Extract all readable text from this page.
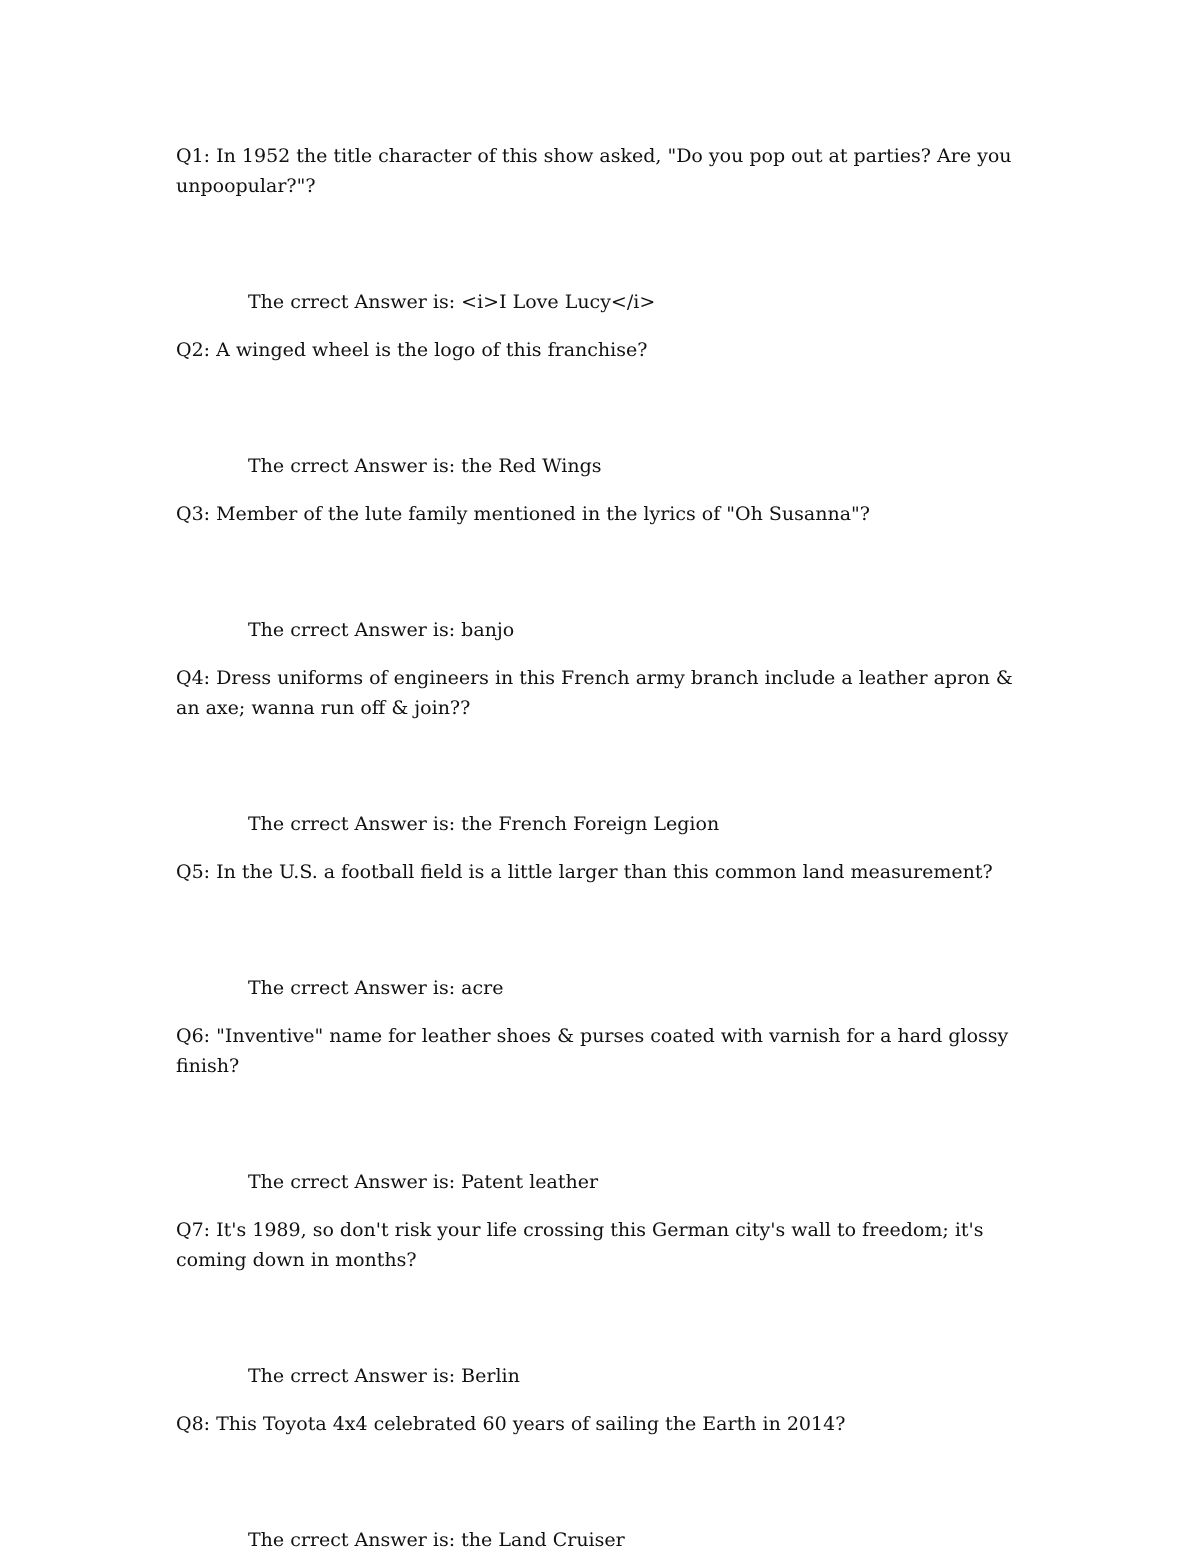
Q1: In 1952 the title character of this show asked, "Do you pop out at parties? Are you unpoopular?"?

The crrect Answer is: <i>I Love Lucy</i>

Q2: A winged wheel is the logo of this franchise?

The crrect Answer is: the Red Wings

Q3: Member of the lute family mentioned in the lyrics of "Oh Susanna"?

The crrect Answer is: banjo

Q4: Dress uniforms of engineers in this French army branch include a leather apron & an axe; wanna run off & join??

The crrect Answer is: the French Foreign Legion

Q5: In the U.S. a football field is a little larger than this common land measurement?

The crrect Answer is: acre

Q6: "Inventive" name for leather shoes & purses coated with varnish for a hard glossy finish?

The crrect Answer is: Patent leather

Q7: It's 1989, so don't risk your life crossing this German city's wall to freedom; it's coming down in months?

The crrect Answer is: Berlin

Q8: This Toyota 4x4 celebrated 60 years of sailing the Earth in 2014?

The crrect Answer is: the Land Cruiser
